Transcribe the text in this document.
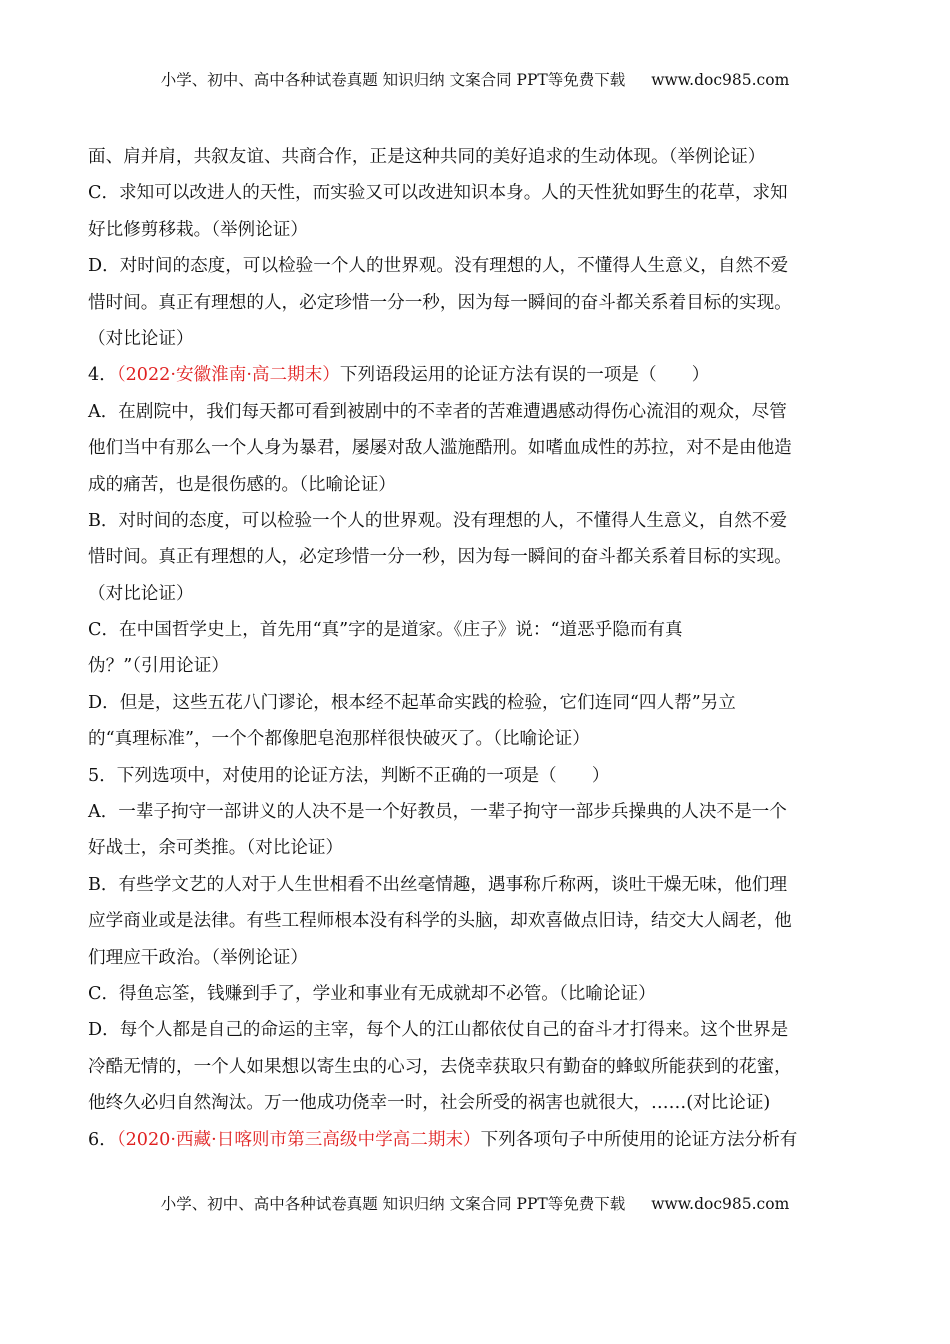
小学、初中、高中各种试卷真题 知识归纳 文案合同 PPT等免费下载 www.doc985.com
面、肩并肩，共叙友谊、共商合作，正是这种共同的美好追求的生动体现。（举例论证）
C．求知可以改进人的天性，而实验又可以改进知识本身。人的天性犹如野生的花草，求知
好比修剪移栽。（举例论证）
D．对时间的态度，可以检验一个人的世界观。没有理想的人，不懂得人生意义，自然不爱
惜时间。真正有理想的人，必定珍惜一分一秒，因为每一瞬间的奋斗都关系着目标的实现。
（对比论证）
4．（2022·安徽淮南·高二期末）下列语段运用的论证方法有误的一项是（　　）
A．在剧院中，我们每天都可看到被剧中的不幸者的苦难遭遇感动得伤心流泪的观众，尽管
他们当中有那么一个人身为暴君，屡屡对敌人滥施酷刑。如嗜血成性的苏拉，对不是由他造
成的痛苦，也是很伤感的。（比喻论证）
B．对时间的态度，可以检验一个人的世界观。没有理想的人，不懂得人生意义，自然不爱
惜时间。真正有理想的人，必定珍惜一分一秒，因为每一瞬间的奋斗都关系着目标的实现。
（对比论证）
C．在中国哲学史上，首先用“真”字的是道家。《庄子》说：“道恶乎隐而有真
伪？”（引用论证）
D．但是，这些五花八门谬论，根本经不起革命实践的检验，它们连同“四人帮”另立
的“真理标准”，一个个都像肥皂泡那样很快破灭了。（比喻论证）
5．下列选项中，对使用的论证方法，判断不正确的一项是（　　）
A．一辈子拘守一部讲义的人决不是一个好教员，一辈子拘守一部步兵操典的人决不是一个
好战士，余可类推。（对比论证）
B．有些学文艺的人对于人生世相看不出丝毫情趣，遇事称斤称两，谈吐干燥无味，他们理
应学商业或是法律。有些工程师根本没有科学的头脑，却欢喜做点旧诗，结交大人阔老，他
们理应干政治。（举例论证）
C．得鱼忘筌，钱赚到手了，学业和事业有无成就却不必管。（比喻论证）
D．每个人都是自己的命运的主宰，每个人的江山都依仗自己的奋斗才打得来。这个世界是
冷酷无情的，一个人如果想以寄生虫的心习，去侥幸获取只有勤奋的蜂蚁所能获到的花蜜，
他终久必归自然淘汰。万一他成功侥幸一时，社会所受的祸害也就很大，……(对比论证)
6．（2020·西藏·日喀则市第三高级中学高二期末）下列各项句子中所使用的论证方法分析有
小学、初中、高中各种试卷真题 知识归纳 文案合同 PPT等免费下载 www.doc985.com
